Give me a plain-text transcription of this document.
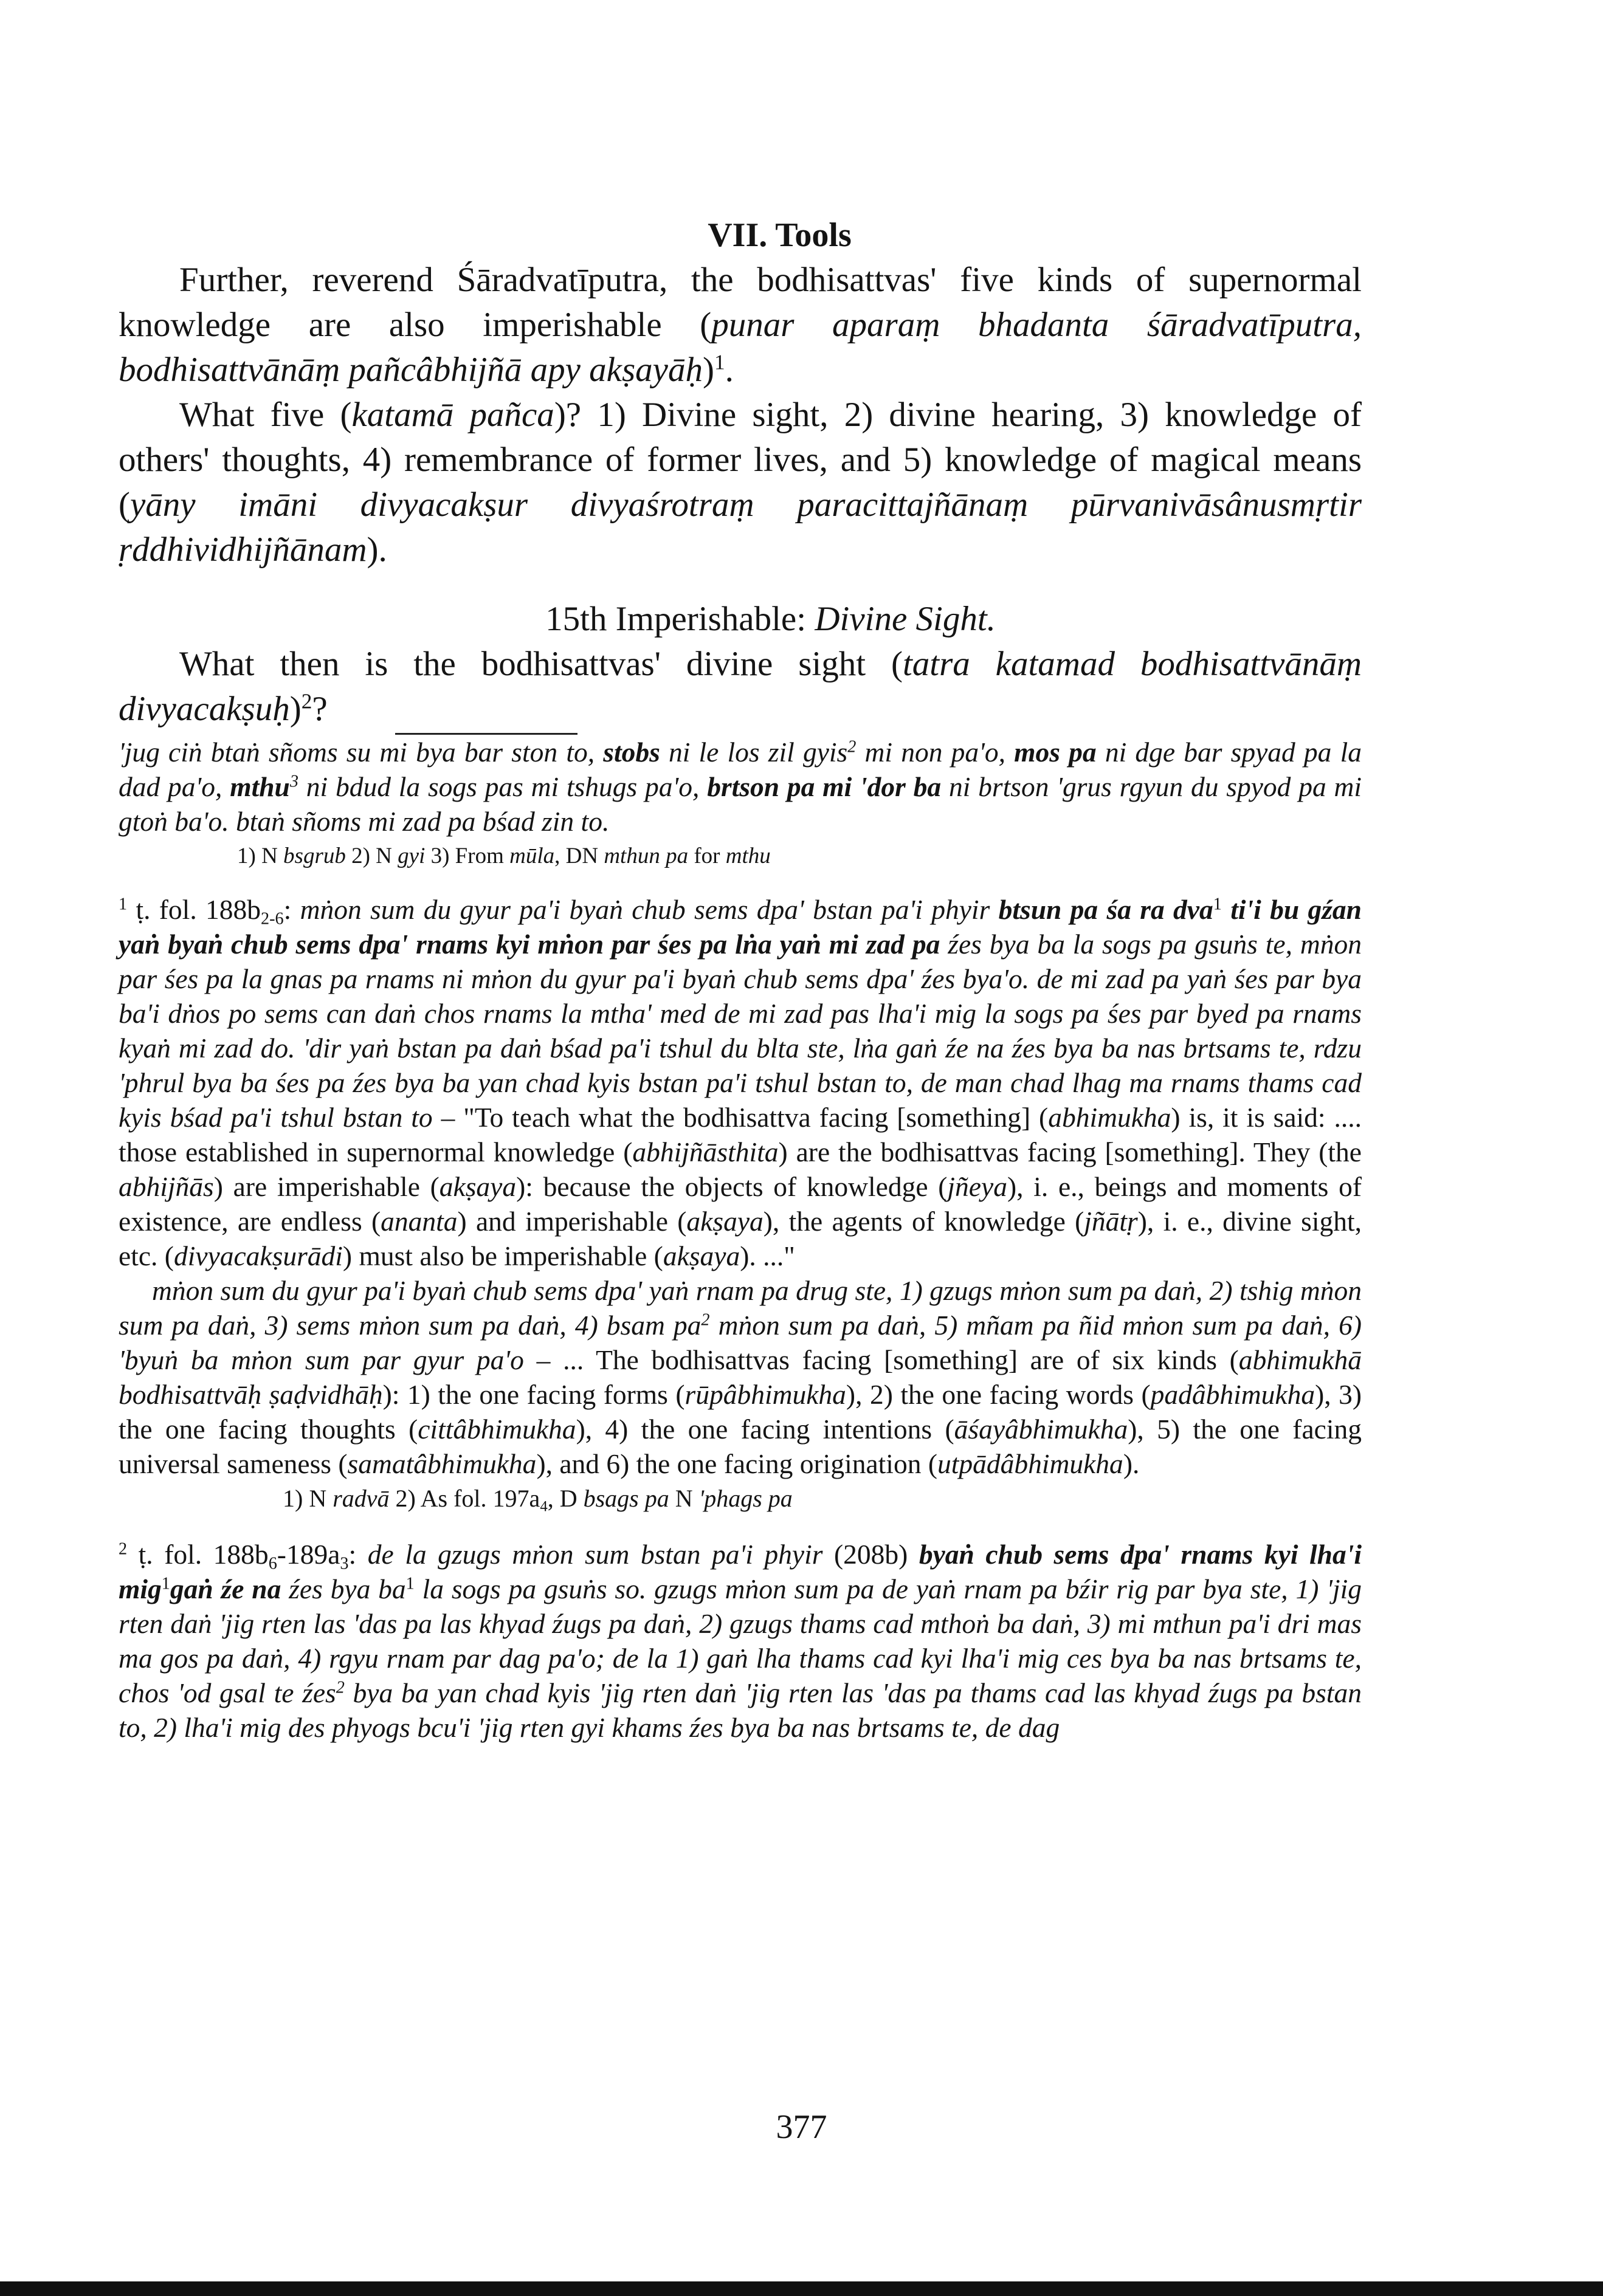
VII. Tools

Further, reverend Śāradvatīputra, the bodhisattvas' five kinds of supernormal knowledge are also imperishable (punar aparaṃ bhadanta śāradvatīputra, bodhisattvānāṃ pañcâbhijñā apy akṣayāḥ)$^1$.

What five (katamā pañca)? 1) Divine sight, 2) divine hearing, 3) knowledge of others' thoughts, 4) remembrance of former lives, and 5) knowledge of magical means (yāny imāni divyacakṣur divyaśrotraṃ paracittajñānaṃ pūrvanivāsânusmṛtir ṛddhividhijñānam).

15th Imperishable: Divine Sight.

What then is the bodhisattvas' divine sight (tatra katamad bodhisattvānāṃ divyacakṣuḥ)$^2$?

'jug ciṅ btaṅ sñoms su mi bya bar ston to, stobs ni le los zil gyis$^2$ mi non pa'o, mos pa ni dge bar spyad pa la dad pa'o, mthu$^3$ ni bdud la sogs pas mi tshugs pa'o, brtson pa mi 'dor ba ni brtson 'grus rgyun du spyod pa mi gtoṅ ba'o. btaṅ sñoms mi zad pa bśad zin to.

1) N bsgrub 2) N gyi 3) From mūla, DN mthun pa for mthu

$^1$ ṭ. fol. $188b_{2-6}$: mṅon sum du gyur pa'i byaṅ chub sems dpa' bstan pa'i phyir btsun pa śa ra dva$^1$ ti'i bu gźan yaṅ byaṅ chub sems dpa' rnams kyi mṅon par śes pa lṅa yaṅ mi zad pa źes bya ba la sogs pa gsuṅs te, mṅon par śes pa la gnas pa rnams ni mṅon du gyur pa'i byaṅ chub sems dpa' źes bya'o. de mi zad pa yaṅ śes par bya ba'i dṅos po sems can daṅ chos rnams la mtha' med de mi zad pas lha'i mig la sogs pa śes par byed pa rnams kyaṅ mi zad do. 'dir yaṅ bstan pa daṅ bśad pa'i tshul du blta ste, lṅa gaṅ źe na źes bya ba nas brtsams te, rdzu 'phrul bya ba śes pa źes bya ba yan chad kyis bstan pa'i tshul bstan to, de man chad lhag ma rnams thams cad kyis bśad pa'i tshul bstan to – "To teach what the bodhisattva facing [something] (abhimukha) is, it is said: .... those established in supernormal knowledge (abhijñāsthita) are the bodhisattvas facing [something]. They (the abhijñās) are imperishable (akṣaya): because the objects of knowledge (jñeya), i. e., beings and moments of existence, are endless (ananta) and imperishable (akṣaya), the agents of knowledge (jñātṛ), i. e., divine sight, etc. (divyacakṣurādi) must also be imperishable (akṣaya). ..."

mṅon sum du gyur pa'i byaṅ chub sems dpa' yaṅ rnam pa drug ste, 1) gzugs mṅon sum pa daṅ, 2) tshig mṅon sum pa daṅ, 3) sems mṅon sum pa daṅ, 4) bsam $pa^2$ mṅon sum pa daṅ, 5) mñam pa ñid mṅon sum pa daṅ, 6) 'byuṅ ba mṅon sum par gyur pa'o – ... The bodhisattvas facing [something] are of six kinds (abhimukhā bodhisattvāḥ ṣaḍvidhāḥ): 1) the one facing forms (rūpâbhimukha), 2) the one facing words (padâbhimukha), 3) the one facing thoughts (cittâbhimukha), 4) the one facing intentions (āśayâbhimukha), 5) the one facing universal sameness (samatâbhimukha), and 6) the one facing origination (utpādâbhimukha).

1) N radvā 2) As fol. $197a_4$, D bsags pa N 'phags pa

$^2$ ṭ. fol. $188b_6-189a_3$: de la gzugs mṅon sum bstan pa'i phyir (208b) byaṅ chub sems dpa' rnams kyi lha'i mig$^1$gaṅ źe na źes bya $ba^1$ la sogs pa gsuṅs so. gzugs mṅon sum pa de yaṅ rnam pa bźir rig par bya ste, 1) 'jig rten daṅ 'jig rten las 'das pa las khyad źugs pa daṅ, 2) gzugs thams cad mthoṅ ba daṅ, 3) mi mthun pa'i dri mas ma gos pa daṅ, 4) rgyu rnam par dag pa'o; de la 1) gaṅ lha thams cad kyi lha'i mig ces bya ba nas brtsams te, chos 'od gsal te źes$^2$ bya ba yan chad kyis 'jig rten daṅ 'jig rten las 'das pa thams cad las khyad źugs pa bstan to, 2) lha'i mig des phyogs bcu'i 'jig rten gyi khams źes bya ba nas brtsams te, de dag

377
